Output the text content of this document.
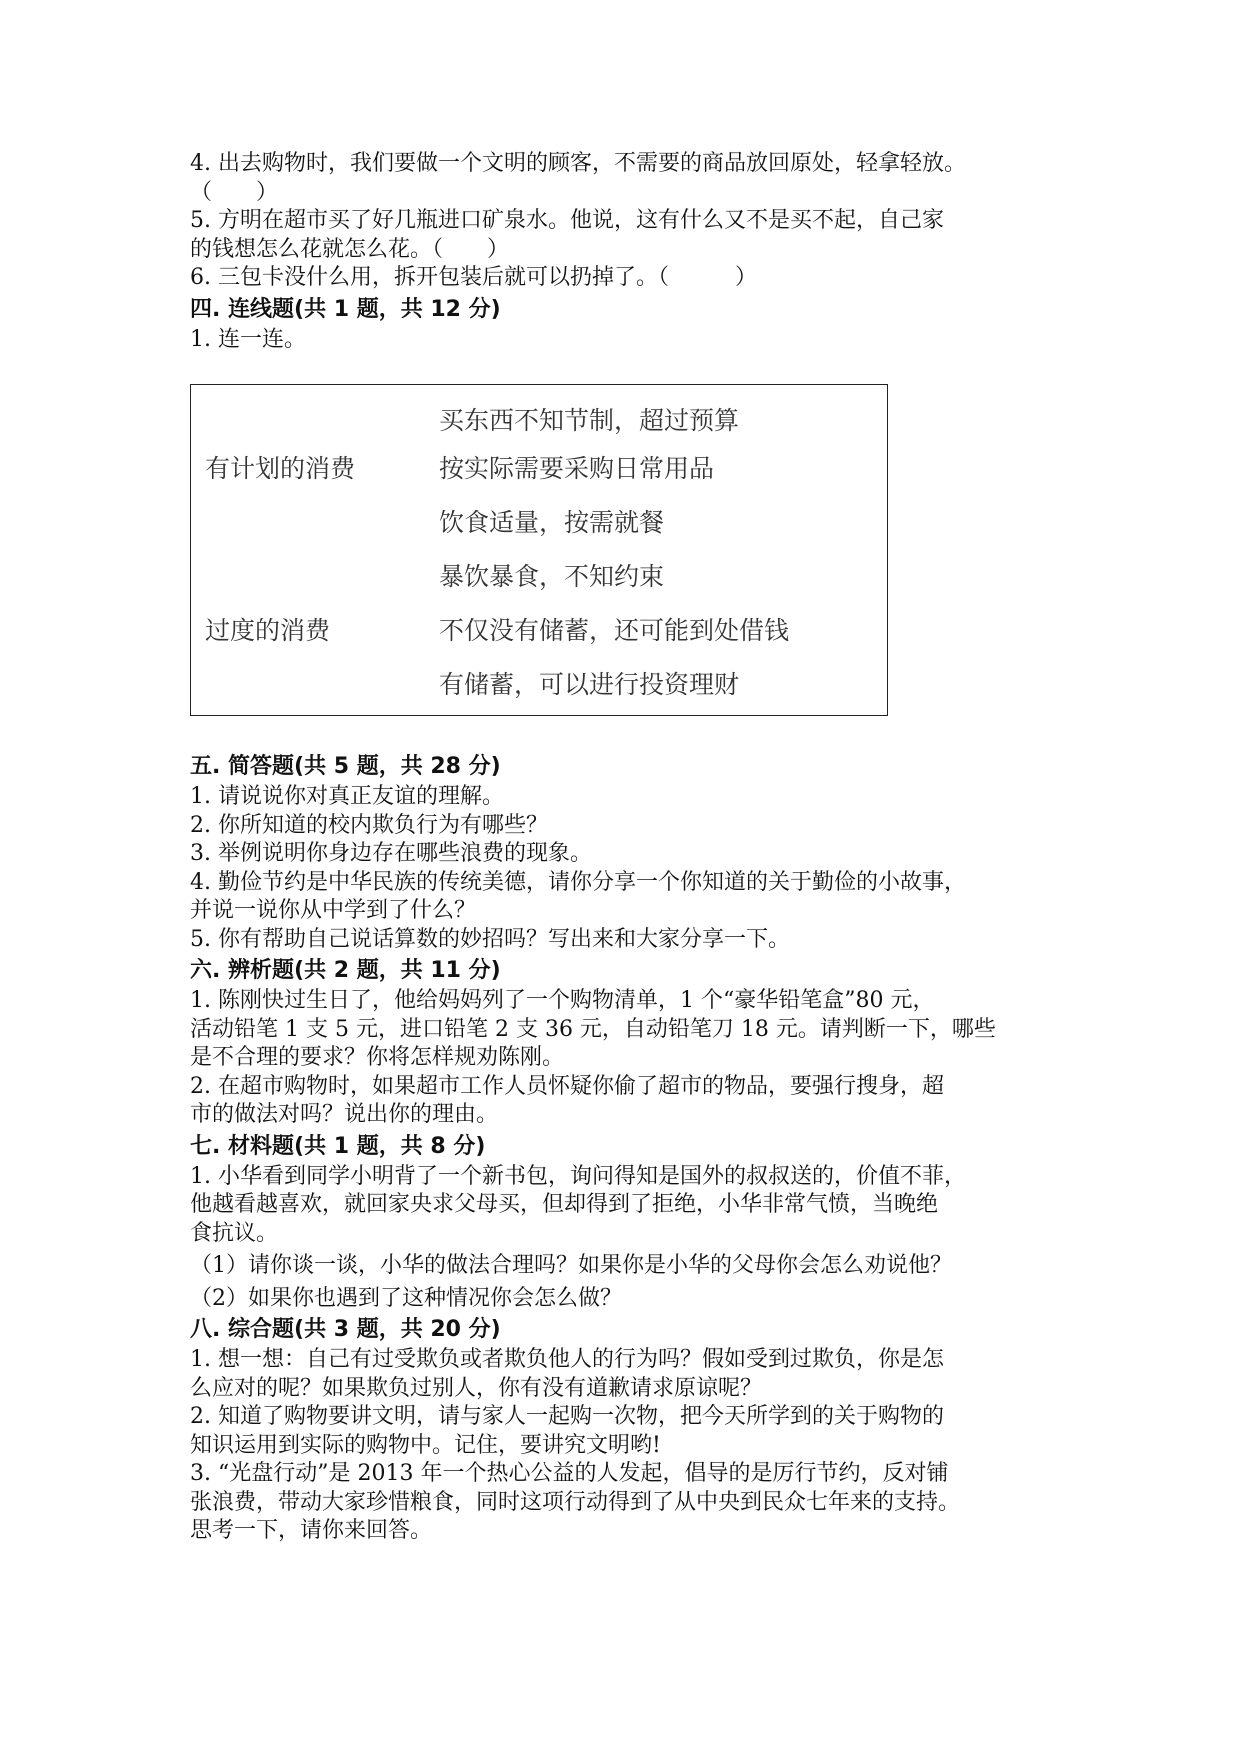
4. 出去购物时，我们要做一个文明的顾客，不需要的商品放回原处，轻拿轻放。
（　　）
5. 方明在超市买了好几瓶进口矿泉水。他说，这有什么又不是买不起，自己家
的钱想怎么花就怎么花。（　　）
6. 三包卡没什么用，拆开包装后就可以扔掉了。（　　　）
四. 连线题(共 1 题，共 12 分)
1. 连一连。
有计划的消费
过度的消费
买东西不知节制，超过预算
按实际需要采购日常用品
饮食适量，按需就餐
暴饮暴食，不知约束
不仅没有储蓄，还可能到处借钱
有储蓄，可以进行投资理财
五. 简答题(共 5 题，共 28 分)
1. 请说说你对真正友谊的理解。
2. 你所知道的校内欺负行为有哪些？
3. 举例说明你身边存在哪些浪费的现象。
4. 勤俭节约是中华民族的传统美德，请你分享一个你知道的关于勤俭的小故事，
并说一说你从中学到了什么？
5. 你有帮助自己说话算数的妙招吗？写出来和大家分享一下。
六. 辨析题(共 2 题，共 11 分)
1. 陈刚快过生日了，他给妈妈列了一个购物清单，1 个“豪华铅笔盒”80 元，
活动铅笔 1 支 5 元，进口铅笔 2 支 36 元，自动铅笔刀 18 元。请判断一下，哪些
是不合理的要求？你将怎样规劝陈刚。
2. 在超市购物时，如果超市工作人员怀疑你偷了超市的物品，要强行搜身，超
市的做法对吗？说出你的理由。
七. 材料题(共 1 题，共 8 分)
1. 小华看到同学小明背了一个新书包，询问得知是国外的叔叔送的，价值不菲，
他越看越喜欢，就回家央求父母买，但却得到了拒绝，小华非常气愤，当晚绝
食抗议。
（1）请你谈一谈，小华的做法合理吗？如果你是小华的父母你会怎么劝说他？
（2）如果你也遇到了这种情况你会怎么做？
八. 综合题(共 3 题，共 20 分)
1. 想一想：自己有过受欺负或者欺负他人的行为吗？假如受到过欺负，你是怎
么应对的呢？如果欺负过别人，你有没有道歉请求原谅呢？
2. 知道了购物要讲文明，请与家人一起购一次物，把今天所学到的关于购物的
知识运用到实际的购物中。记住，要讲究文明哟!
3. “光盘行动”是 2013 年一个热心公益的人发起，倡导的是厉行节约，反对铺
张浪费，带动大家珍惜粮食，同时这项行动得到了从中央到民众七年来的支持。
思考一下，请你来回答。
